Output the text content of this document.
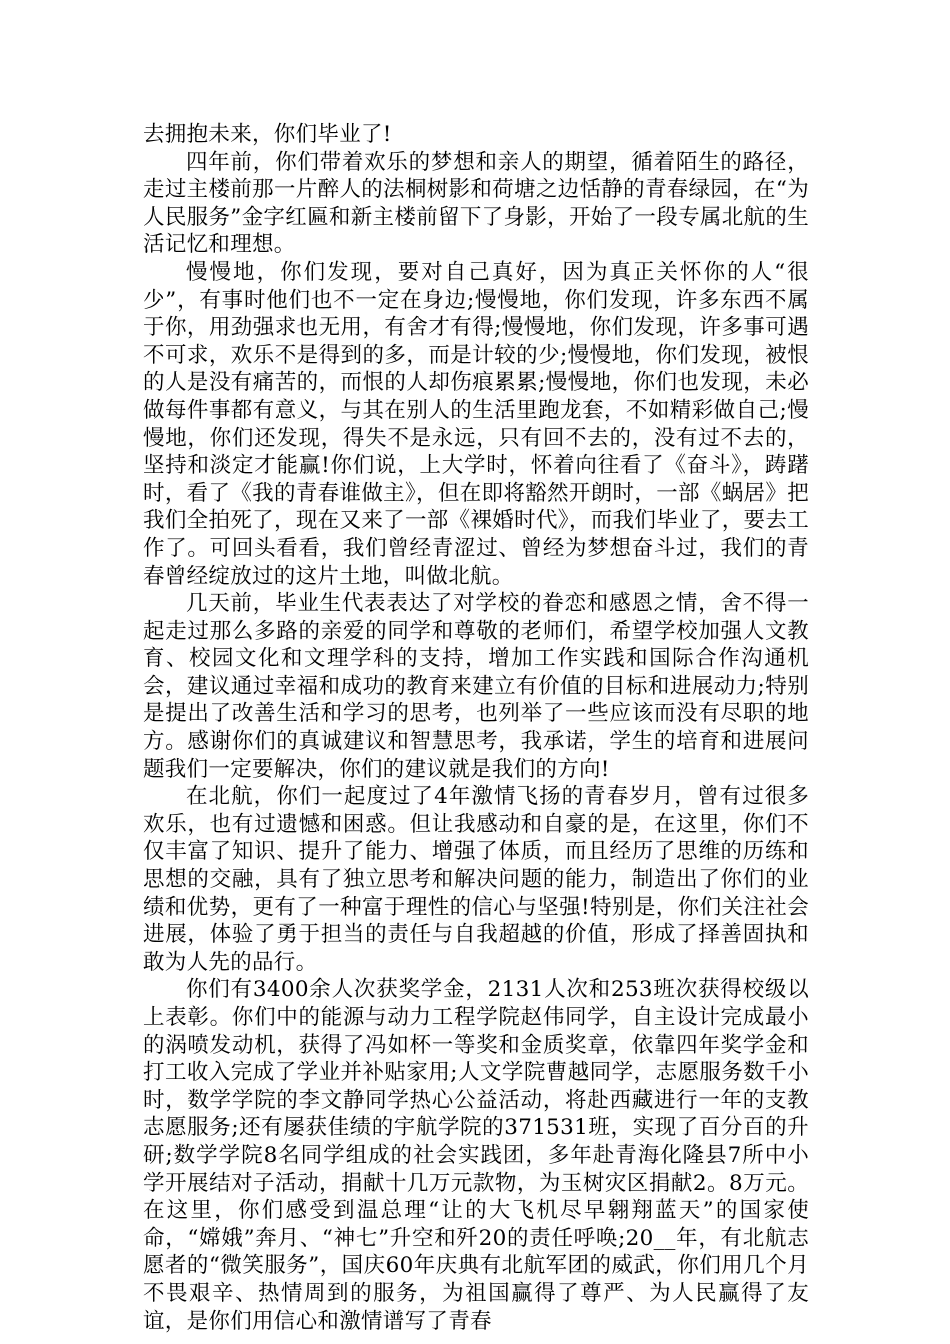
去拥抱未来，你们毕业了!

四年前，你们带着欢乐的梦想和亲人的期望，循着陌生的路径，走过主楼前那一片醉人的法桐树影和荷塘之边恬静的青春绿园，在“为人民服务”金字红匾和新主楼前留下了身影，开始了一段专属北航的生活记忆和理想。

慢慢地，你们发现，要对自己真好，因为真正关怀你的人“很少”，有事时他们也不一定在身边;慢慢地，你们发现，许多东西不属于你，用劲强求也无用，有舍才有得;慢慢地，你们发现，许多事可遇不可求，欢乐不是得到的多，而是计较的少;慢慢地，你们发现，被恨的人是没有痛苦的，而恨的人却伤痕累累;慢慢地，你们也发现，未必做每件事都有意义，与其在别人的生活里跑龙套，不如精彩做自己;慢慢地，你们还发现，得失不是永远，只有回不去的，没有过不去的，坚持和淡定才能赢!你们说，上大学时，怀着向往看了《奋斗》，踌躇时，看了《我的青春谁做主》，但在即将豁然开朗时，一部《蜗居》把我们全拍死了，现在又来了一部《裸婚时代》，而我们毕业了，要去工作了。可回头看看，我们曾经青涩过、曾经为梦想奋斗过，我们的青春曾经绽放过的这片土地，叫做北航。

几天前，毕业生代表表达了对学校的眷恋和感恩之情，舍不得一起走过那么多路的亲爱的同学和尊敬的老师们，希望学校加强人文教育、校园文化和文理学科的支持，增加工作实践和国际合作沟通机会，建议通过幸福和成功的教育来建立有价值的目标和进展动力;特别是提出了改善生活和学习的思考，也列举了一些应该而没有尽职的地方。感谢你们的真诚建议和智慧思考，我承诺，学生的培育和进展问题我们一定要解决，你们的建议就是我们的方向!

在北航，你们一起度过了4年激情飞扬的青春岁月，曾有过很多欢乐，也有过遗憾和困惑。但让我感动和自豪的是，在这里，你们不仅丰富了知识、提升了能力、增强了体质，而且经历了思维的历练和思想的交融，具有了独立思考和解决问题的能力，制造出了你们的业绩和优势，更有了一种富于理性的信心与坚强!特别是，你们关注社会进展，体验了勇于担当的责任与自我超越的价值，形成了择善固执和敢为人先的品行。

你们有3400余人次获奖学金，2131人次和253班次获得校级以上表彰。你们中的能源与动力工程学院赵伟同学，自主设计完成最小的涡喷发动机，获得了冯如杯一等奖和金质奖章，依靠四年奖学金和打工收入完成了学业并补贴家用;人文学院曹越同学，志愿服务数千小时，数学学院的李文静同学热心公益活动，将赴西藏进行一年的支教志愿服务;还有屡获佳绩的宇航学院的371531班，实现了百分百的升研;数学学院8名同学组成的社会实践团，多年赴青海化隆县7所中小学开展结对子活动，捐献十几万元款物，为玉树灾区捐献2。8万元。在这里，你们感受到温总理“让的大飞机尽早翱翔蓝天”的国家使命，“嫦娥”奔月、“神七”升空和歼20的责任呼唤;20__年，有北航志愿者的“微笑服务”，国庆60年庆典有北航军团的威武，你们用几个月不畏艰辛、热情周到的服务，为祖国赢得了尊严、为人民赢得了友谊，是你们用信心和激情谱写了青春
